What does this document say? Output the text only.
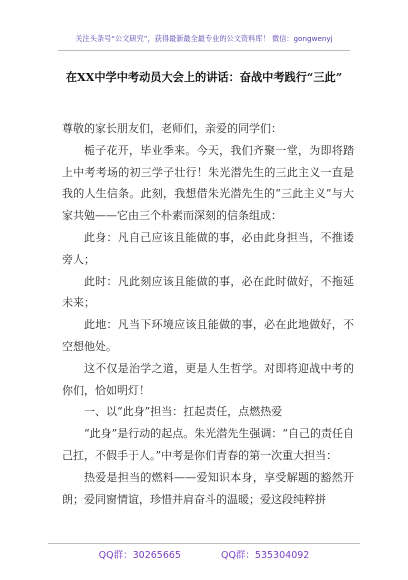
关注头条号“公文研究”，获得最新最全最专业的公文资料库！ 微信：gongwenyj
在XX中学中考动员大会上的讲话：奋战中考践行“三此”

尊敬的家长朋友们，老师们，亲爱的同学们：

栀子花开，毕业季来。今天，我们齐聚一堂，为即将踏上中考考场的初三学子壮行！朱光潜先生的三此主义一直是我的人生信条。此刻，我想借朱光潜先生的“三此主义”与大家共勉——它由三个朴素而深刻的信条组成：

此身：凡自己应该且能做的事，必由此身担当，不推诿旁人；

此时：凡此刻应该且能做的事，必在此时做好，不拖延未来；

此地：凡当下环境应该且能做的事，必在此地做好，不空想他处。

这不仅是治学之道，更是人生哲学。对即将迎战中考的你们，恰如明灯！

一、以“此身”担当：扛起责任，点燃热爱

“此身”是行动的起点。朱光潜先生强调：“自己的责任自己扛，不假手于人。”中考是你们青春的第一次重大担当：

热爱是担当的燃料——爱知识本身，享受解题的豁然开朗；爱同窗情谊，珍惜并肩奋斗的温暖；爱这段纯粹拼

QQ群：30265665	QQ群：535304092
